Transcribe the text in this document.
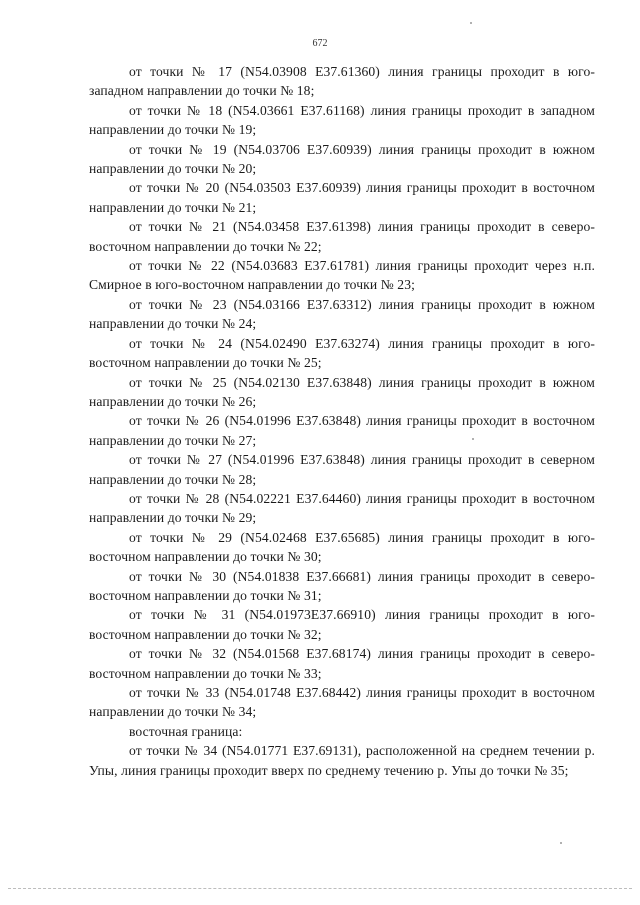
672

от точки № 17 (N54.03908 E37.61360) линия границы проходит в юго-западном направлении до точки № 18;

от точки № 18 (N54.03661 E37.61168) линия границы проходит в западном направлении до точки № 19;

от точки № 19 (N54.03706 E37.60939) линия границы проходит в южном направлении до точки № 20;

от точки № 20 (N54.03503 E37.60939) линия границы проходит в восточном направлении до точки № 21;

от точки № 21 (N54.03458 E37.61398) линия границы проходит в северо-восточном направлении до точки № 22;

от точки № 22 (N54.03683 E37.61781) линия границы проходит через н.п. Смирное в юго-восточном направлении до точки № 23;

от точки № 23 (N54.03166 E37.63312) линия границы проходит в южном направлении до точки № 24;

от точки № 24 (N54.02490 E37.63274) линия границы проходит в юго-восточном направлении до точки № 25;

от точки № 25 (N54.02130 E37.63848) линия границы проходит в южном направлении до точки № 26;

от точки № 26 (N54.01996 E37.63848) линия границы проходит в восточном направлении до точки № 27;

от точки № 27 (N54.01996 E37.63848) линия границы проходит в северном направлении до точки № 28;

от точки № 28 (N54.02221 E37.64460) линия границы проходит в восточном направлении до точки № 29;

от точки № 29 (N54.02468 E37.65685) линия границы проходит в юго-восточном направлении до точки № 30;

от точки № 30 (N54.01838 E37.66681) линия границы проходит в северо-восточном направлении до точки № 31;

от точки № 31 (N54.01973E37.66910) линия границы проходит в юго-восточном направлении до точки № 32;

от точки № 32 (N54.01568 E37.68174) линия границы проходит в северо-восточном направлении до точки № 33;

от точки № 33 (N54.01748 E37.68442) линия границы проходит в восточном направлении до точки № 34;

восточная граница:

от точки № 34 (N54.01771 E37.69131), расположенной на среднем течении р. Упы, линия границы проходит вверх по среднему течению р. Упы до точки № 35;
